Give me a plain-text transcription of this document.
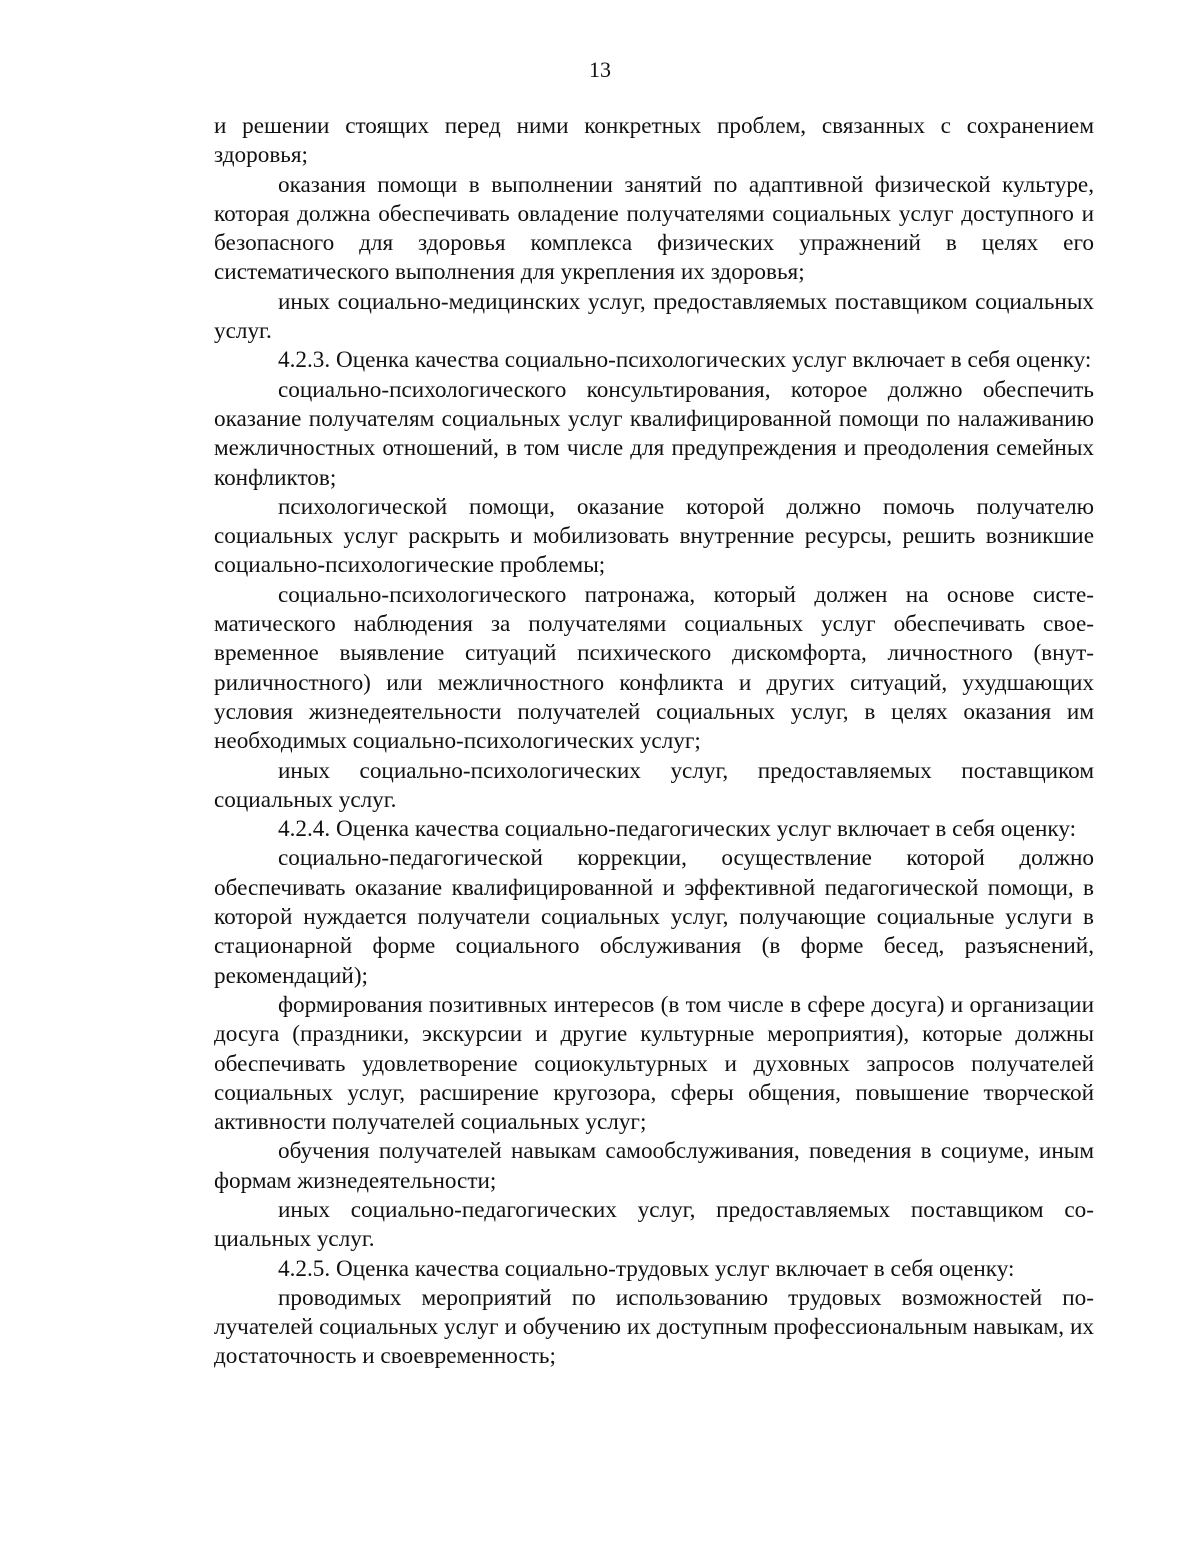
13

и решении стоящих перед ними конкретных проблем, связанных с сохранением здоровья;

оказания помощи в выполнении занятий по адаптивной физической культуре, которая должна обеспечивать овладение получателями социальных услуг доступного и безопасного для здоровья комплекса физических упражнений в целях его систематического выполнения для укрепления их здоровья;

иных социально-медицинских услуг, предоставляемых поставщиком социальных услуг.

4.2.3. Оценка качества социально-психологических услуг включает в себя оценку:

социально-психологического консультирования, которое должно обеспечить оказание получателям социальных услуг квалифицированной помощи по налаживанию межличностных отношений, в том числе для предупреждения и преодоления семейных конфликтов;

психологической помощи, оказание которой должно помочь получателю социальных услуг раскрыть и мобилизовать внутренние ресурсы, решить возникшие социально-психологические проблемы;

социально-психологического патронажа, который должен на основе систематического наблюдения за получателями социальных услуг обеспечивать своевременное выявление ситуаций психического дискомфорта, личностного (внутриличностного) или межличностного конфликта и других ситуаций, ухудшающих условия жизнедеятельности получателей социальных услуг, в целях оказания им необходимых социально-психологических услуг;

иных социально-психологических услуг, предоставляемых поставщиком социальных услуг.

4.2.4. Оценка качества социально-педагогических услуг включает в себя оценку:

социально-педагогической коррекции, осуществление которой должно обеспечивать оказание квалифицированной и эффективной педагогической помощи, в которой нуждается получатели социальных услуг, получающие социальные услуги в стационарной форме социального обслуживания (в форме бесед, разъяснений, рекомендаций);

формирования позитивных интересов (в том числе в сфере досуга) и организации досуга (праздники, экскурсии и другие культурные мероприятия), которые должны обеспечивать удовлетворение социокультурных и духовных запросов получателей социальных услуг, расширение кругозора, сферы общения, повышение творческой активности получателей социальных услуг;

обучения получателей навыкам самообслуживания, поведения в социуме, иным формам жизнедеятельности;

иных социально-педагогических услуг, предоставляемых поставщиком социальных услуг.

4.2.5. Оценка качества социально-трудовых услуг включает в себя оценку:

проводимых мероприятий по использованию трудовых возможностей получателей социальных услуг и обучению их доступным профессиональным навыкам, их достаточность и своевременность;
